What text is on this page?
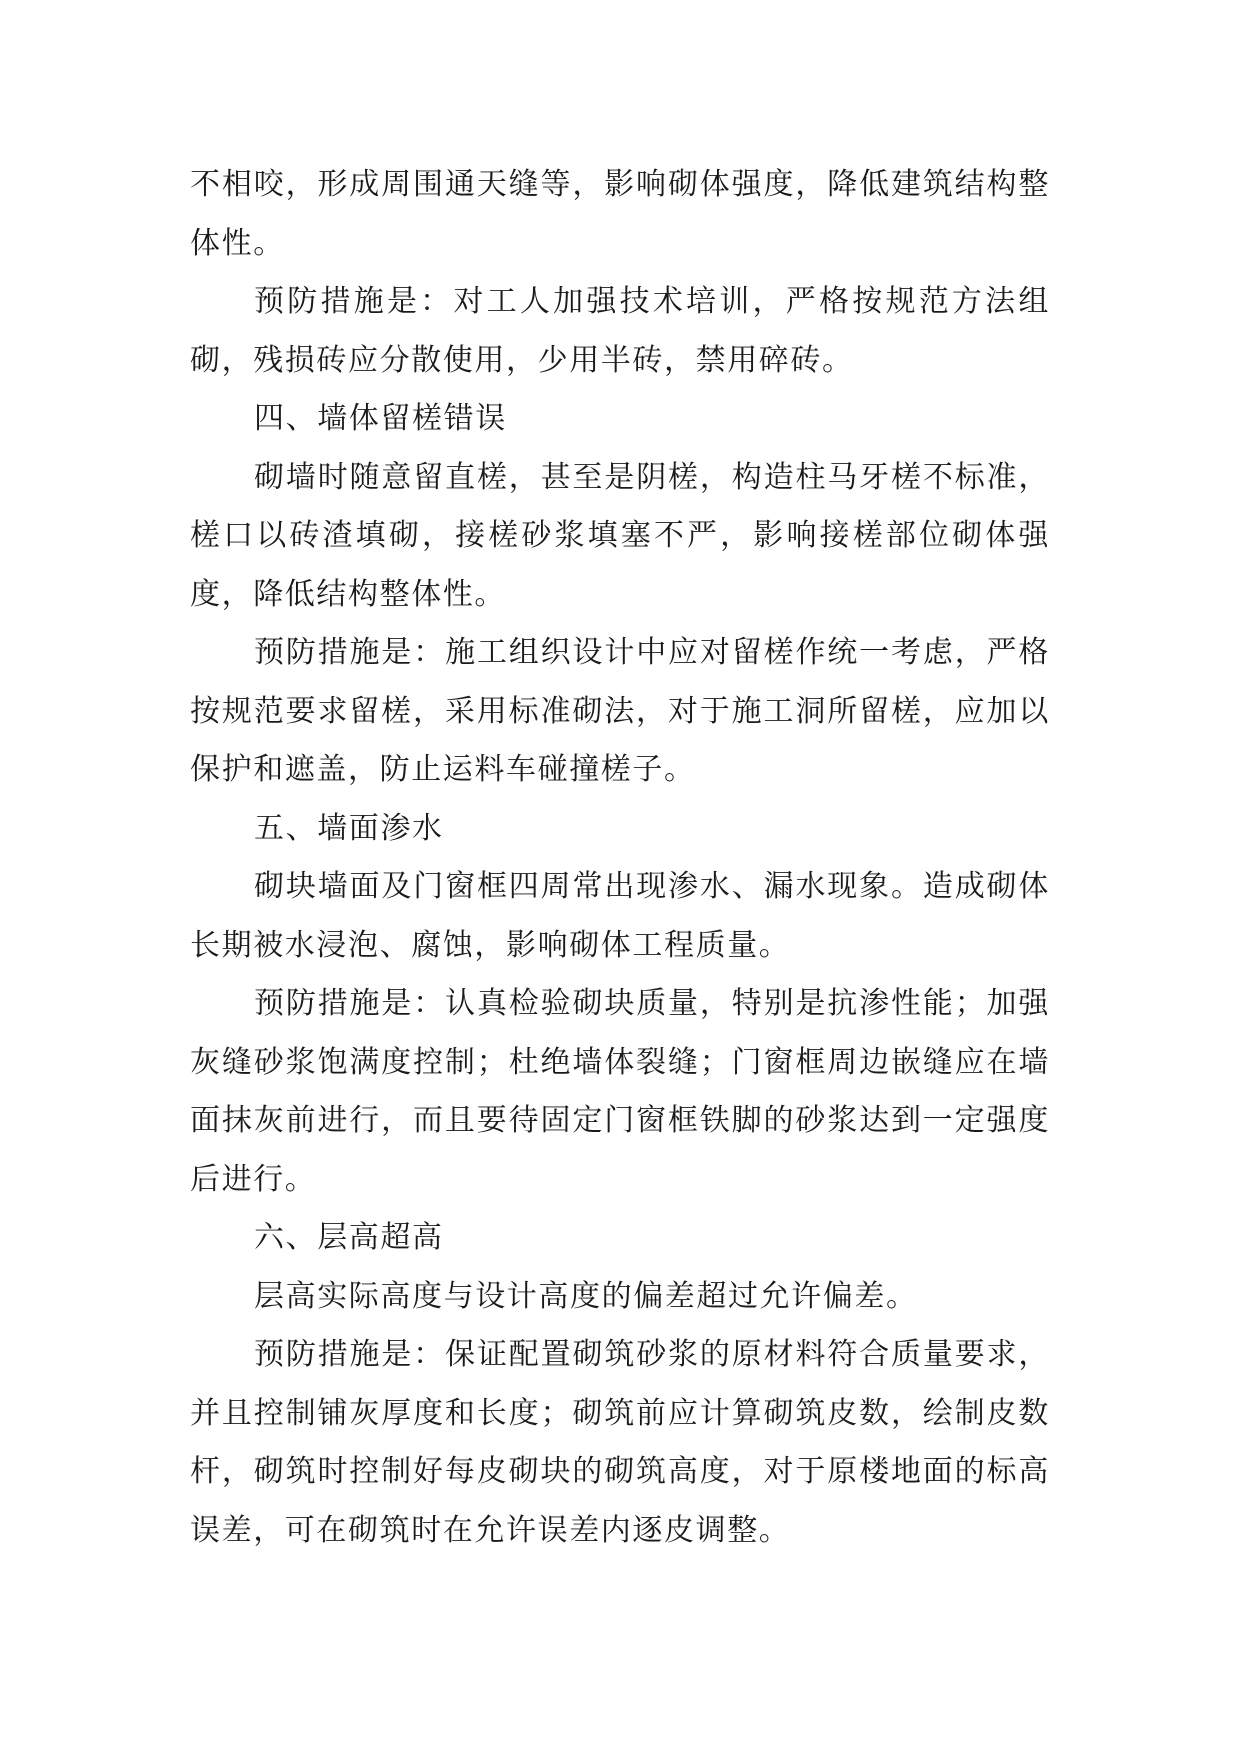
不相咬，形成周围通天缝等，影响砌体强度，降低建筑结构整体性。

预防措施是：对工人加强技术培训，严格按规范方法组砌，残损砖应分散使用，少用半砖，禁用碎砖。

四、墙体留槎错误

砌墙时随意留直槎，甚至是阴槎，构造柱马牙槎不标准，槎口以砖渣填砌，接槎砂浆填塞不严，影响接槎部位砌体强度，降低结构整体性。

预防措施是：施工组织设计中应对留槎作统一考虑，严格按规范要求留槎，采用标准砌法，对于施工洞所留槎，应加以保护和遮盖，防止运料车碰撞槎子。

五、墙面渗水

砌块墙面及门窗框四周常出现渗水、漏水现象。造成砌体长期被水浸泡、腐蚀，影响砌体工程质量。

预防措施是：认真检验砌块质量，特别是抗渗性能；加强灰缝砂浆饱满度控制；杜绝墙体裂缝；门窗框周边嵌缝应在墙面抹灰前进行，而且要待固定门窗框铁脚的砂浆达到一定强度后进行。

六、层高超高

层高实际高度与设计高度的偏差超过允许偏差。

预防措施是：保证配置砌筑砂浆的原材料符合质量要求，并且控制铺灰厚度和长度；砌筑前应计算砌筑皮数，绘制皮数杆，砌筑时控制好每皮砌块的砌筑高度，对于原楼地面的标高误差，可在砌筑时在允许误差内逐皮调整。
